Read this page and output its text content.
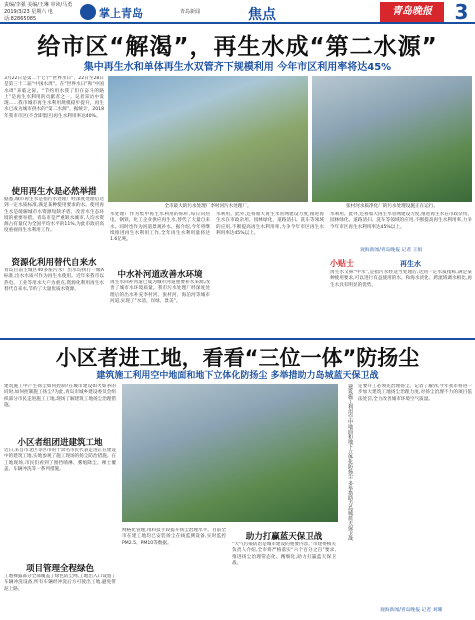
责编/李强 美编/王琳 审读/马勇 2019/3/23 星期六 电话:82865085	掌上青岛	青岛新闻	焦点	青岛晚报	3
给市区“解渴”，再生水成“第二水源”
集中再生水和单体再生水双管齐下规模利用 今年市区利用率将达45%
3月22日是第二十七个“世界水日”，22日至28日是第三十二届“中国水周”。在“世界水日”和“中国水周”来临之际，“节约用水我了们在奋斗的路上”是再生水利用的贡献者之一。记者采访中发现……我市城市再生水利用规模稳步提升，再生水已成为城市供水的“第二水源”。据统计，2018年我市市区(不含即墨区)再生水利用率达40%。
全市最大的污水处理厂李村河污水处理厂。	张村河水质净化厂的污水处理设施正在运行。
使用再生水是必然举措
据悉,城市再生水是指污水处理厂经深度处理后达到一定水质标准,满足某种使用要求的水。使用再生水是缓解城市水资源短缺矛盾、改善水生态环境的重要举措。青岛市是严重缺水城市,人均水资源占有量仅为全国平均水平的11%,为此市政府高度重视再生水利用工作。
资源化利用替代自来水
青岛目前主城区40多座污水厂出水均执行一级A标准,出水水质可作为再生水使用。近年来我市以热电、工业等用水大户为重点,资源化利用再生水替代自来水,节约了大量优质水资源。
水处理厂作为集中再生水利用的标杆,每日向热电、钢铁、化工企业供应再生水,替代了大量自来水。同时也作为河道景观补水。据介绍,今年将继续推进再生水利用工作,全年再生水利用量将达1.6亿吨。
中水补河道改善水环境
再生水回补河道已成为城市河道重要补水来源,改善了城市水环境质量。我市污水处理厂经深度处理后的出水补充李村河、张村河、海泊河等城市河道,实现了“水清、岸绿、景美”。
水利用。此外,还将加大再生水管网建设力度,推进再生水在市政杂用、园林绿化、道路清扫、洗车等领域的应用,不断提高再生水利用率,力争今年市区再生水利用率达45%以上。
水利用。此外,还将加大再生水管网建设力度,推进再生水在市政杂用、园林绿化、道路清扫、洗车等领域的应用,不断提高再生水利用率,力争今年市区再生水利用率达45%以上。
观海新闻/青岛晚报 记者 王娟
小贴士	再生水
再生水又称“中水”,是指污水经适当处理后,达到一定水质指标,满足某种使用要求,可以进行有益使用的水。和海水淡化、跨流域调水相比,再生水具有明显的优势。
小区者进工地，看看“三位一体”防扬尘
建筑施工利用空中地面和地下立体化防扬尘 多举措助力岛城蓝天保卫战
建筑施工中产生扬尘如何控制?在城市建设如火如荼的同时,如何控制施工扬尘?为此,青岛市城乡建设委员会组织部分市民走进施工工地,现场了解建筑工地扬尘治理措施。
小区者组团进建筑工地
近日,来自市北区等区市的十余名市民代表走进正在建设中的建筑工地,实地参观了施工现场的扬尘防治措施。在工地现场,市民们看到了围挡喷淋、雾炮降尘、裸土覆盖、车辆冲洗等一系列措施。
项目管理全程绿色
工地裸露部分全部覆盖了绿色防尘网,工地出入口设置了车辆冲洗设备,所有车辆经冲洗后方可驶出工地,避免带泥上路。
建筑施工利用空中地面和地下立体化防扬尘 多举措助力岛城蓝天保卫战
网格化管理,用科技手段提升扬尘治理水平。目前全市在建工地均已安装扬尘在线监测设备,实时监控PM2.5、PM10等数据。
助力打赢蓝天保卫战
“大气污染防治是城市建设的重要内容。”市建委相关负责人介绍,全市将严格落实“六个百分之百”要求,推进扬尘治理常态化、精细化,助力打赢蓝天保卫战。
定要开工必须先治理扬尘。记者了解到,今年我市将进一步加大建筑工地扬尘治理力度,对扬尘治理不力的项目依法处罚,全力改善城市环境空气质量。
观海新闻/青岛晚报 记者 刘珊
